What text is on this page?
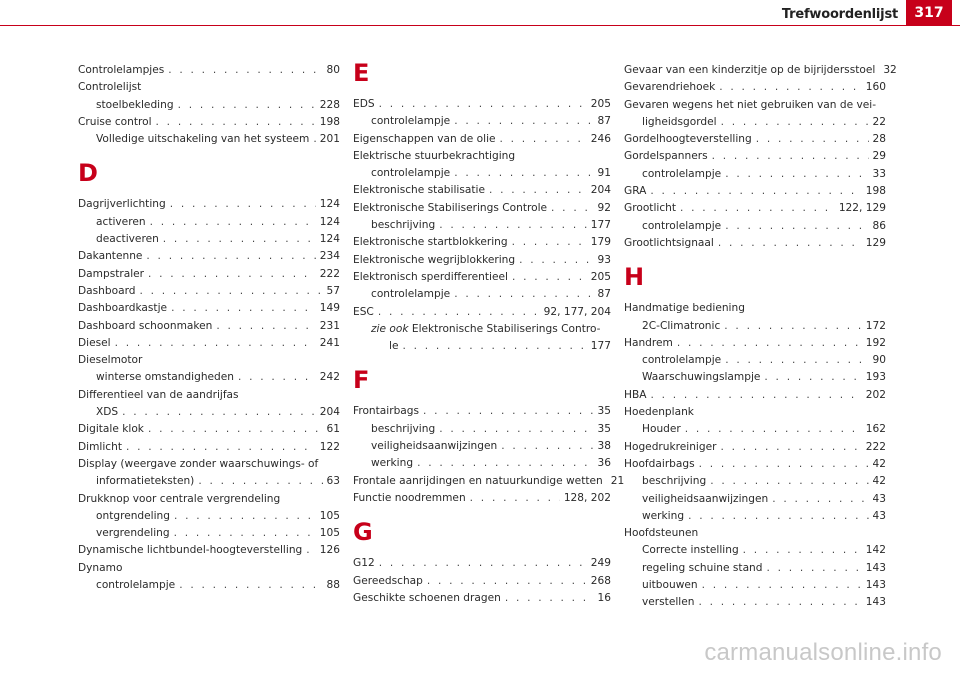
Trefwoordenlijst	317
Controlelampjes . . .	80
Controlelijst
stoelbekleding . . .	228
Cruise control . . .	198
Volledige uitschakeling van het systeem . . . 201
D
Dagrijverlichting . . .	124
activeren . . .	124
deactiveren . . .	124
Dakantenne . . .	234
Dampstraler . . .	222
Dashboard . . .	57
Dashboardkastje . . .	149
Dashboard schoonmaken . . .	231
Diesel . . .	241
Dieselmotor
winterse omstandigheden . . .	242
Differentieel van de aandrijfas
XDS . . .	204
Digitale klok . . .	61
Dimlicht . . .	122
Display (weergave zonder waarschuwings- of
informatieteksten) . . .	63
Drukknop voor centrale vergrendeling
ontgrendeling . . .	105
vergrendeling . . .	105
Dynamische lichtbundel-hoogteverstelling . . . 126
Dynamo
controlelampje . . .	88
E
EDS . . .	205
controlelampje . . .	87
Eigenschappen van de olie . . .	246
Elektrische stuurbekrachtiging
controlelampje . . .	91
Elektronische stabilisatie . . .	204
Elektronische Stabiliserings Controle . . .	92
beschrijving . . .	177
Elektronische startblokkering . . .	179
Elektronische wegrijblokkering . . .	93
Elektronisch sperdifferentieel . . .	205
controlelampje . . .	87
ESC . . .	92, 177, 204
zie ook Elektronische Stabiliserings Contro-
le . . .	177
F
Frontairbags . . .	35
beschrijving . . .	35
veiligheidsaanwijzingen . . .	38
werking . . .	36
Frontale aanrijdingen en natuurkundige wetten 21
Functie noodremmen . . .	128, 202
G
G12 . . .	249
Gereedschap . . .	268
Geschikte schoenen dragen . . .	16
Gevaar van een kinderzitje op de bijrijdersstoel 32
Gevarendriehoek . . .	160
Gevaren wegens het niet gebruiken van de vei-
ligheidsgordel . . .	22
Gordelhoogteverstelling . . .	28
Gordelspanners . . .	29
controlelampje . . .	33
GRA . . .	198
Grootlicht . . .	122, 129
controlelampje . . .	86
Grootlichtsignaal . . .	129
H
Handmatige bediening
2C-Climatronic . . .	172
Handrem . . .	192
controlelampje . . .	90
Waarschuwingslampje . . .	193
HBA . . .	202
Hoedenplank
Houder . . .	162
Hogedrukreiniger . . .	222
Hoofdairbags . . .	42
beschrijving . . .	42
veiligheidsaanwijzingen . . .	43
werking . . .	43
Hoofdsteunen
Correcte instelling . . .	142
regeling schuine stand . . .	143
uitbouwen . . .	143
verstellen . . .	143
carmanualsonline.info
